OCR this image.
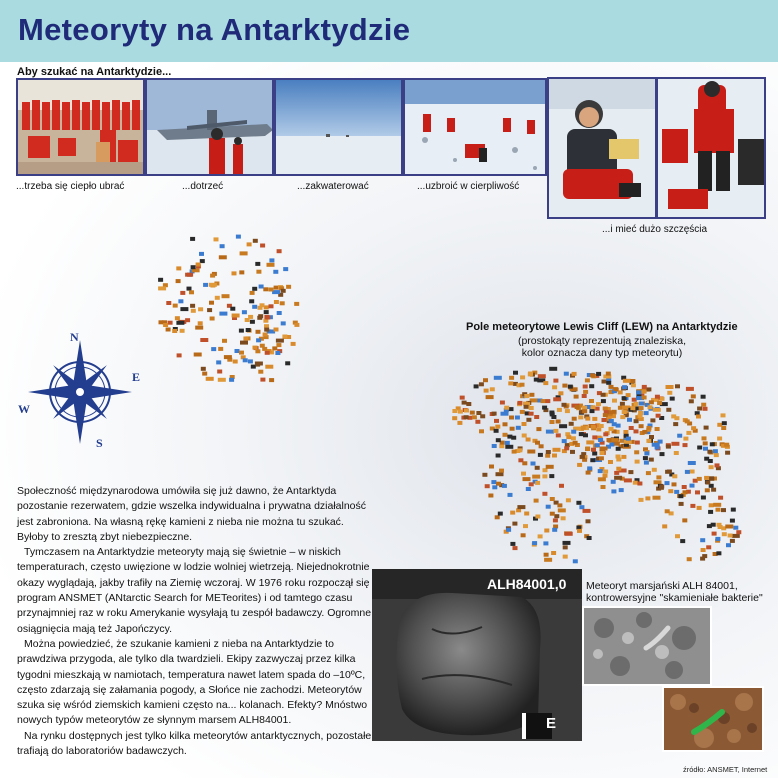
Meteoryty na Antarktydzie
Aby szukać na Antarktydzie...
...trzeba się ciepło ubrać	...dotrzeć	...zakwaterować	...uzbroić w cierpliwość
...i mieć dużo szczęścia
N
E
S
W
Pole meteorytowe Lewis Cliff (LEW) na Antarktydzie
(prostokąty reprezentują znaleziska,
kolor oznacza dany typ meteorytu)

Społeczność międzynarodowa umówiła się już dawno, że Antarktyda pozostanie rezerwatem, gdzie wszelka indywidualna i prywatna działalność jest zabroniona. Na własną rękę kamieni z nieba nie można tu szukać. Byłoby to zresztą zbyt niebezpieczne.

Tymczasem na Antarktydzie meteoryty mają się świetnie – w niskich temperaturach, często uwięzione w lodzie wolniej wietrzeją. Niejednokrotnie okazy wyglądają, jakby trafiły na Ziemię wczoraj. W 1976 roku rozpoczął się program ANSMET (ANtarctic Search for METeorites) i od tamtego czasu przynajmniej raz w roku Amerykanie wysyłają tu zespół badawczy. Ogromne osiągnięcia mają też Japończycy.

Można powiedzieć, że szukanie kamieni z nieba na Antarktydzie to prawdziwa przygoda, ale tylko dla twardzieli. Ekipy zazwyczaj przez kilka tygodni mieszkają w namiotach, temperatura nawet latem spada do –10ºC, często zdarzają się załamania pogody, a Słońce nie zachodzi. Meteorytów szuka się wśród ziemskich kamieni często na... kolanach. Efekty? Mnóstwo nowych typów meteorytów ze słynnym marsem ALH84001.

Na rynku dostępnych jest tylko kilka meteorytów antarktycznych, pozostałe trafiają do laboratoriów badawczych.

E
ALH84001,0 Meteoryt marsjański ALH 84001,
kontrowersyjne "skamieniałe bakterie"
źródło: ANSMET, Internet
